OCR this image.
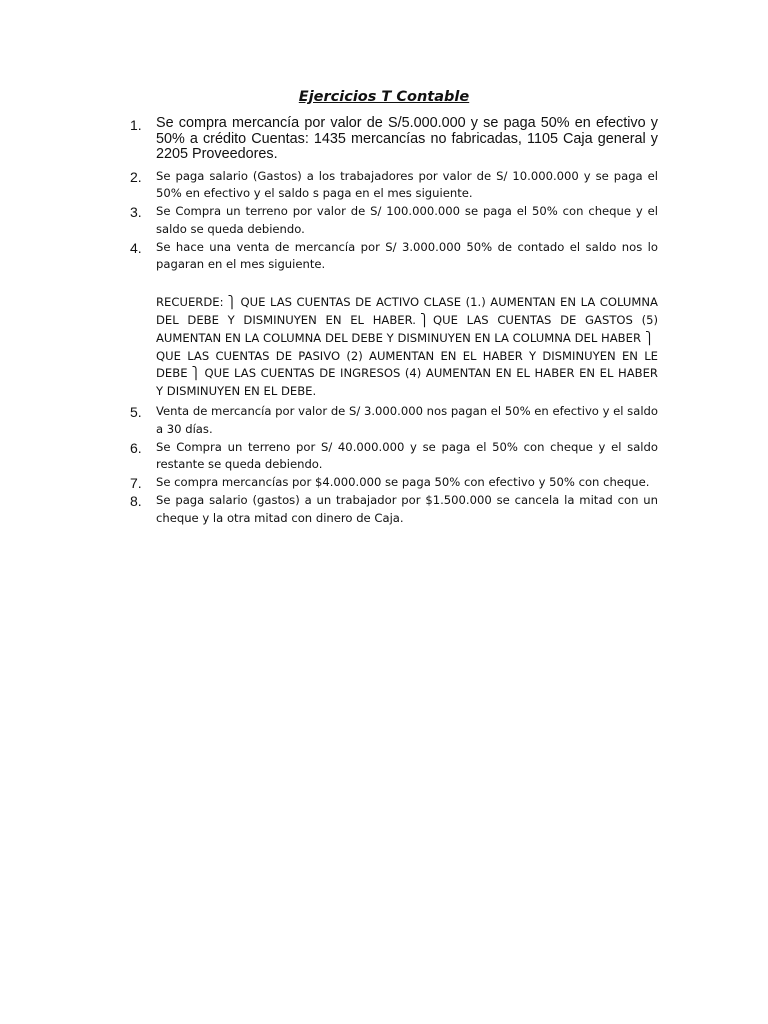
Ejercicios T Contable
1. Se compra mercancía por valor de S/5.000.000 y se paga 50% en efectivo y 50% a crédito Cuentas: 1435 mercancías no fabricadas, 1105 Caja general y 2205 Proveedores.
2.	Se paga salario (Gastos) a los trabajadores por valor de S/ 10.000.000 y se paga el 50% en efectivo y el saldo s paga en el mes siguiente.
3.	Se Compra un terreno por valor de S/ 100.000.000 se paga el 50% con cheque y el saldo se queda debiendo.
4.	Se hace una venta de mercancía por S/ 3.000.000 50% de contado el saldo nos lo pagaran en el mes siguiente.
RECUERDE: ⎫ QUE LAS CUENTAS DE ACTIVO CLASE (1.) AUMENTAN EN LA COLUMNA DEL DEBE Y DISMINUYEN EN EL HABER. ⎫ QUE LAS CUENTAS DE GASTOS (5) AUMENTAN EN LA COLUMNA DEL DEBE Y DISMINUYEN EN LA COLUMNA DEL HABER ⎫QUE LAS CUENTAS DE PASIVO (2) AUMENTAN EN EL HABER Y DISMINUYEN EN LE DEBE ⎫ QUE LAS CUENTAS DE INGRESOS (4) AUMENTAN EN EL HABER EN EL HABER Y DISMINUYEN EN EL DEBE.
5.	Venta de mercancía por valor de S/ 3.000.000 nos pagan el 50% en efectivo y el saldo a 30 días.
6.	Se Compra un terreno por S/ 40.000.000 y se paga el 50% con cheque y el saldo restante se queda debiendo.
7.	Se compra mercancías por $4.000.000 se paga 50% con efectivo y 50% con cheque.
8.	Se paga salario (gastos) a un trabajador por $1.500.000 se cancela la mitad con un cheque y la otra mitad con dinero de Caja.
